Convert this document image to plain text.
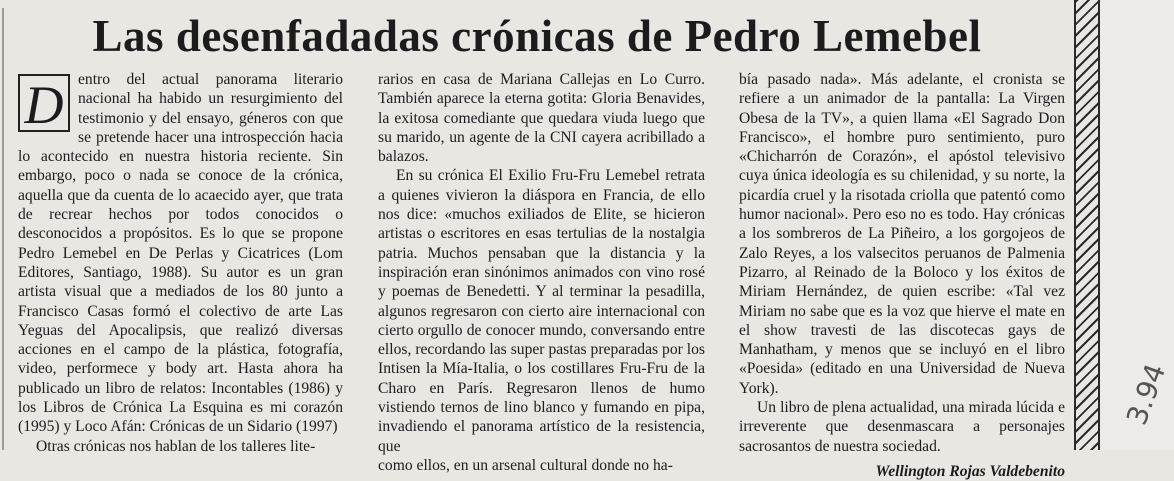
Las desenfadadas crónicas de Pedro Lemebel

D entro del actual panorama literario nacional ha habido un resurgimiento del testimonio y del ensayo, géneros con que se pretende hacer una introspección hacia lo acontecido en nuestra historia reciente. Sin embargo, poco o nada se conoce de la crónica, aquella que da cuenta de lo acaecido ayer, que trata de recrear hechos por todos conocidos o desconocidos a propósitos. Es lo que se propone Pedro Lemebel en De Perlas y Cicatrices (Lom Editores, Santiago, 1988). Su autor es un gran artista visual que a mediados de los 80 junto a Francisco Casas formó el colectivo de arte Las Yeguas del Apocalipsis, que realizó diversas acciones en el campo de la plástica, fotografía, video, performece y body art. Hasta ahora ha publicado un libro de relatos: Incontables (1986) y los Libros de Crónica La Esquina es mi corazón (1995) y Loco Afán: Crónicas de un Sidario (1997)

Otras crónicas nos hablan de los talleres lite-

rarios en casa de Mariana Callejas en Lo Curro. También aparece la eterna gotita: Gloria Benavides, la exitosa comediante que quedara viuda luego que su marido, un agente de la CNI cayera acribillado a balazos.

En su crónica El Exilio Fru-Fru Lemebel retrata a quienes vivieron la diáspora en Francia, de ello nos dice: «muchos exiliados de Elite, se hicieron artistas o escritores en esas tertulias de la nostalgia patria. Muchos pensaban que la distancia y la inspiración eran sinónimos animados con vino rosé y poemas de Benedetti. Y al terminar la pesadilla, algunos regresaron con cierto aire internacional con cierto orgullo de conocer mundo, conversando entre ellos, recordando las super pastas preparadas por los Intisen la Mía-Italia, o los costillares Fru-Fru de la Charo en París. Regresaron llenos de humo vistiendo ternos de lino blanco y fumando en pipa, invadiendo el panorama artístico de la resistencia, que

como ellos, en un arsenal cultural donde no ha-

bía pasado nada». Más adelante, el cronista se refiere a un animador de la pantalla: La Virgen Obesa de la TV», a quien llama «El Sagrado Don Francisco», el hombre puro sentimiento, puro «Chicharrón de Corazón», el apóstol televisivo cuya única ideología es su chilenidad, y su norte, la picardía cruel y la risotada criolla que patentó como humor nacional». Pero eso no es todo. Hay crónicas a los sombreros de La Piñeiro, a los gorgojeos de Zalo Reyes, a los valsecitos peruanos de Palmenia Pizarro, al Reinado de la Boloco y los éxitos de Miriam Hernández, de quien escribe: «Tal vez Miriam no sabe que es la voz que hierve el mate en el show travesti de las discotecas gays de Manhatham, y menos que se incluyó en el libro «Poesida» (editado en una Universidad de Nueva York).

Un libro de plena actualidad, una mirada lúcida e irreverente que desenmascara a personajes sacrosantos de nuestra sociedad.

Wellington Rojas Valdebenito

3.94
